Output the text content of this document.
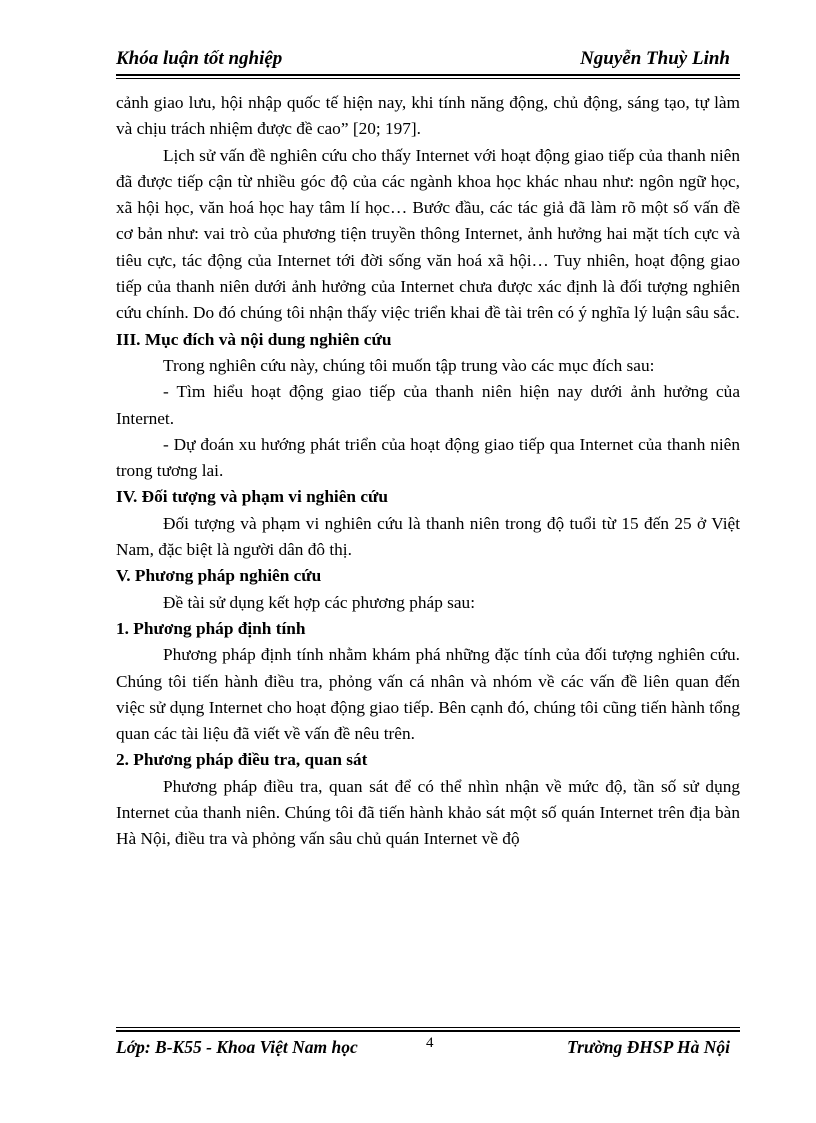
Khóa luận tốt nghiệp	Nguyễn Thuỳ Linh

cảnh giao lưu, hội nhập quốc tế hiện nay, khi tính năng động, chủ động, sáng tạo, tự làm và chịu trách nhiệm được đề cao” [20; 197].

Lịch sử vấn đề nghiên cứu cho thấy Internet với hoạt động giao tiếp của thanh niên đã được tiếp cận từ nhiều góc độ của các ngành khoa học khác nhau như: ngôn ngữ học, xã hội học, văn hoá học hay tâm lí học… Bước đầu, các tác giả đã làm rõ một số vấn đề cơ bản như: vai trò của phương tiện truyền thông Internet, ảnh hưởng hai mặt tích cực và tiêu cực, tác động của Internet tới đời sống văn hoá xã hội… Tuy nhiên, hoạt động giao tiếp của thanh niên dưới ảnh hưởng của Internet chưa được xác định là đối tượng nghiên cứu chính. Do đó chúng tôi nhận thấy việc triển khai đề tài trên có ý nghĩa lý luận sâu sắc.

III. Mục đích và nội dung nghiên cứu

Trong nghiên cứu này, chúng tôi muốn tập trung vào các mục đích sau:

- Tìm hiểu hoạt động giao tiếp của thanh niên hiện nay dưới ảnh hưởng của Internet.

- Dự đoán xu hướng phát triển của hoạt động giao tiếp qua Internet của thanh niên trong tương lai.

IV. Đối tượng và phạm vi nghiên cứu

Đối tượng và phạm vi nghiên cứu là thanh niên trong độ tuổi từ 15 đến 25 ở Việt Nam, đặc biệt là người dân đô thị.

V. Phương pháp nghiên cứu

Đề tài sử dụng kết hợp các phương pháp sau:

1. Phương pháp định tính

Phương pháp định tính nhằm khám phá những đặc tính của đối tượng nghiên cứu. Chúng tôi tiến hành điều tra, phỏng vấn cá nhân và nhóm về các vấn đề liên quan đến việc sử dụng Internet cho hoạt động giao tiếp. Bên cạnh đó, chúng tôi cũng tiến hành tổng quan các tài liệu đã viết về vấn đề nêu trên.

2. Phương pháp điều tra, quan sát

Phương pháp điều tra, quan sát để có thể nhìn nhận về mức độ, tần số sử dụng Internet của thanh niên. Chúng tôi đã tiến hành khảo sát một số quán Internet trên địa bàn Hà Nội, điều tra và phỏng vấn sâu chủ quán Internet về độ

Lớp: B-K55 - Khoa Việt Nam học	4	Trường ĐHSP Hà Nội
